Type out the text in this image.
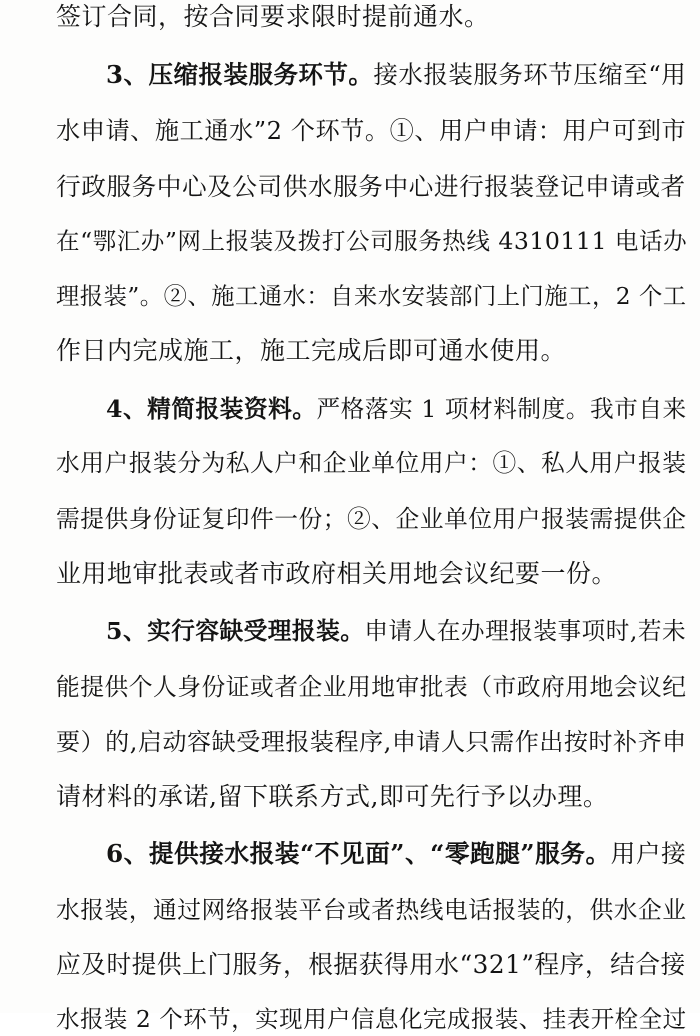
签订合同，按合同要求限时提前通水。
3、压缩报装服务环节。接水报装服务环节压缩至“用
水申请、施工通水”2 个环节。①、用户申请：用户可到市
行政服务中心及公司供水服务中心进行报装登记申请或者
在“鄂汇办”网上报装及拨打公司服务热线 4310111 电话办
理报装”。②、施工通水：自来水安装部门上门施工，2 个工
作日内完成施工，施工完成后即可通水使用。
4、精简报装资料。严格落实 1 项材料制度。我市自来
水用户报装分为私人户和企业单位用户：①、私人用户报装
需提供身份证复印件一份；②、企业单位用户报装需提供企
业用地审批表或者市政府相关用地会议纪要一份。
5、实行容缺受理报装。申请人在办理报装事项时,若未
能提供个人身份证或者企业用地审批表（市政府用地会议纪
要）的,启动容缺受理报装程序,申请人只需作出按时补齐申
请材料的承诺,留下联系方式,即可先行予以办理。
6、提供接水报装“不见面”、“零跑腿”服务。用户接
水报装，通过网络报装平台或者热线电话报装的，供水企业
应及时提供上门服务，根据获得用水“321”程序，结合接
水报装 2 个环节，实现用户信息化完成报装、挂表开栓全过
